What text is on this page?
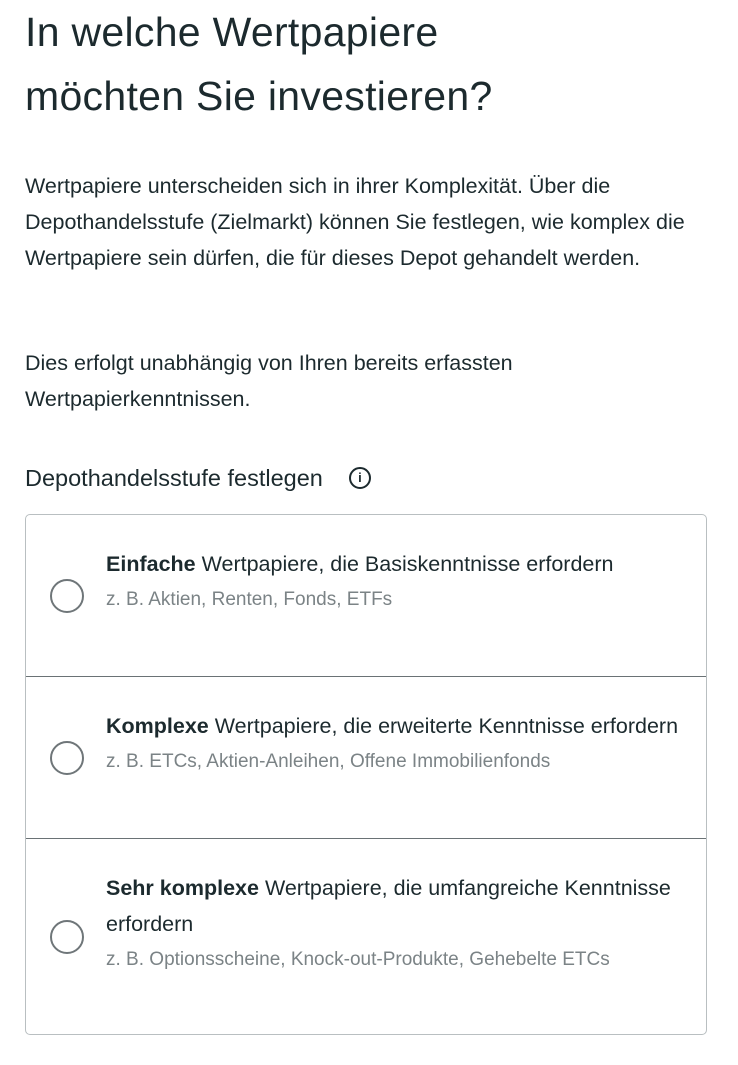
In welche Wertpapiere möchten Sie investieren?

Wertpapiere unterscheiden sich in ihrer Komplexität. Über die Depothandelsstufe (Zielmarkt) können Sie festlegen, wie komplex die Wertpapiere sein dürfen, die für dieses Depot gehandelt werden.

Dies erfolgt unabhängig von Ihren bereits erfassten Wertpapierkenntnissen.

Depothandelsstufe festlegen	i
Einfache Wertpapiere, die Basiskenntnisse erfordern
z. B. Aktien, Renten, Fonds, ETFs
Komplexe Wertpapiere, die erweiterte Kenntnisse erfordern
z. B. ETCs, Aktien-Anleihen, Offene Immobilienfonds
Sehr komplexe Wertpapiere, die umfangreiche Kenntnisse erfordern
z. B. Optionsscheine, Knock-out-Produkte, Gehebelte ETCs
